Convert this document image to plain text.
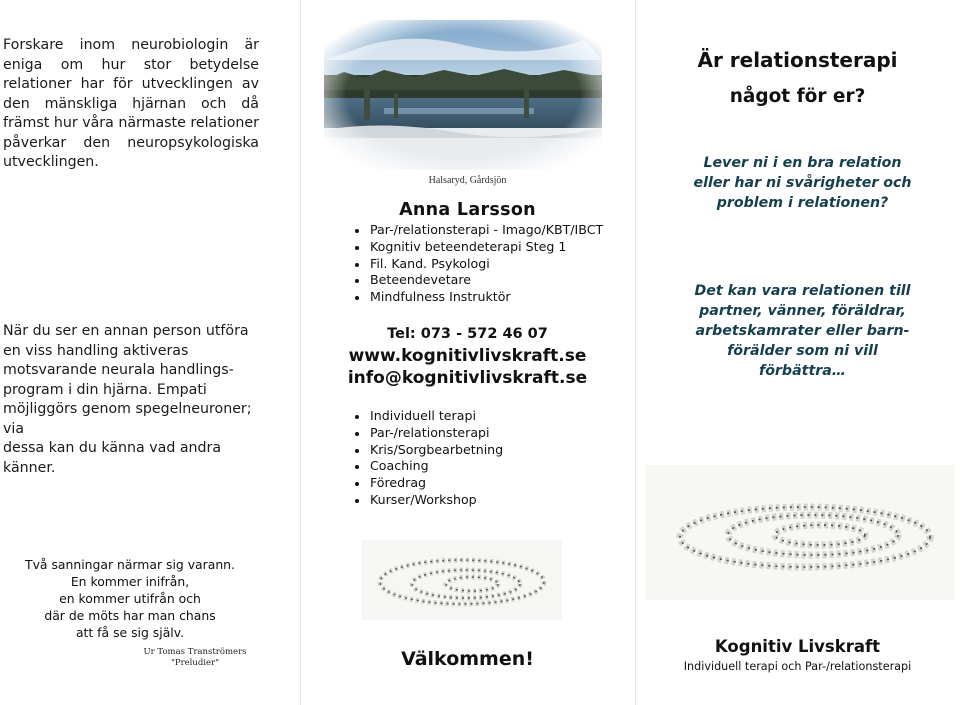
Forskare inom neurobiologin är eniga om hur stor betydelse relationer har för utvecklingen av den mänskliga hjärnan och då främst hur våra närmaste relationer påverkar den neuropsykologiska utvecklingen.

När du ser en annan person utföra
en viss handling aktiveras
motsvarande neurala handlings-
program i din hjärna. Empati
möjliggörs genom spegelneuroner; via
dessa kan du känna vad andra känner.
Två sanningar närmar sig varann.
En kommer inifrån,
en kommer utifrån och
där de möts har man chans
att få se sig själv.
Ur Tomas Tranströmers
"Preludier"
Halsaryd, Gårdsjön
Anna Larsson
Par-/relationsterapi - Imago/KBT/IBCT
Kognitiv beteendeterapi Steg 1
Fil. Kand. Psykologi
Beteendevetare
Mindfulness Instruktör
Tel: 073 - 572 46 07
www.kognitivlivskraft.se
info@kognitivlivskraft.se
Individuell terapi
Par-/relationsterapi
Kris/Sorgbearbetning
Coaching
Föredrag
Kurser/Workshop
Välkommen!
Är relationsterapi
något för er?
Lever ni i en bra relation
eller har ni svårigheter och
problem i relationen?
Det kan vara relationen till
partner, vänner, föräldrar,
arbetskamrater eller barn-
förälder som ni vill
förbättra…
Kognitiv Livskraft
Individuell terapi och Par-/relationsterapi
